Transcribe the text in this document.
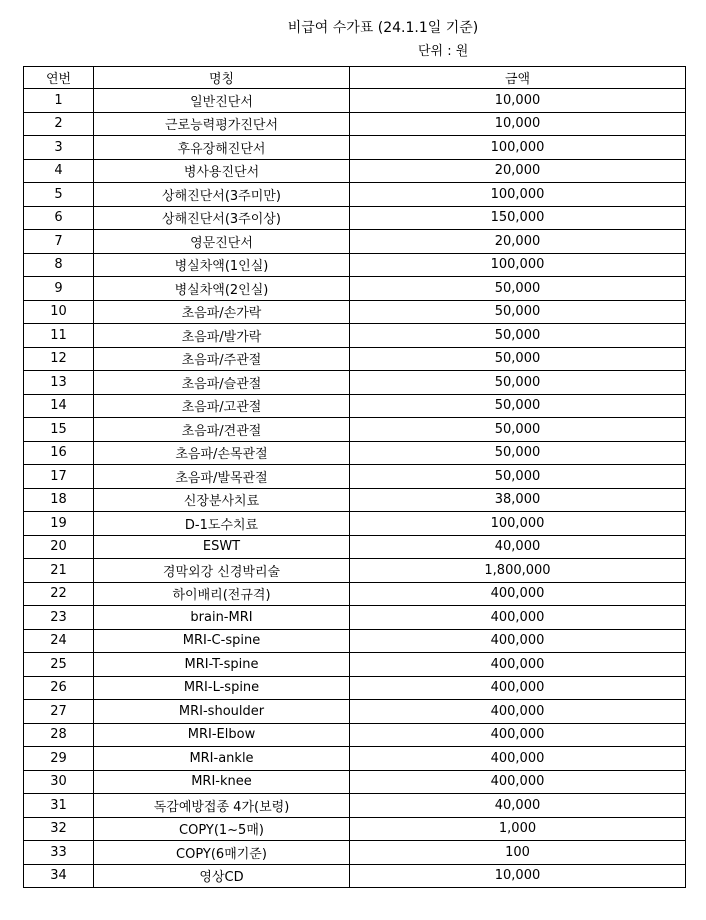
비급여 수가표 (24.1.1일 기준)
단위 : 원
연번	명칭	금액
1	일반진단서	10,000
2	근로능력평가진단서	10,000
3	후유장해진단서	100,000
4	병사용진단서	20,000
5	상해진단서(3주미만)	100,000
6	상해진단서(3주이상)	150,000
7	영문진단서	20,000
8	병실차액(1인실)	100,000
9	병실차액(2인실)	50,000
10	초음파/손가락	50,000
11	초음파/발가락	50,000
12	초음파/주관절	50,000
13	초음파/슬관절	50,000
14	초음파/고관절	50,000
15	초음파/견관절	50,000
16	초음파/손목관절	50,000
17	초음파/발목관절	50,000
18	신장분사치료	38,000
19	D-1도수치료	100,000
20	ESWT	40,000
21	경막외강 신경박리술	1,800,000
22	하이배리(전규격)	400,000
23	brain-MRI	400,000
24	MRI-C-spine	400,000
25	MRI-T-spine	400,000
26	MRI-L-spine	400,000
27	MRI-shoulder	400,000
28	MRI-Elbow	400,000
29	MRI-ankle	400,000
30	MRI-knee	400,000
31	독감예방접종 4가(보령)	40,000
32	COPY(1~5매)	1,000
33	COPY(6매기준)	100
34	영상CD	10,000
